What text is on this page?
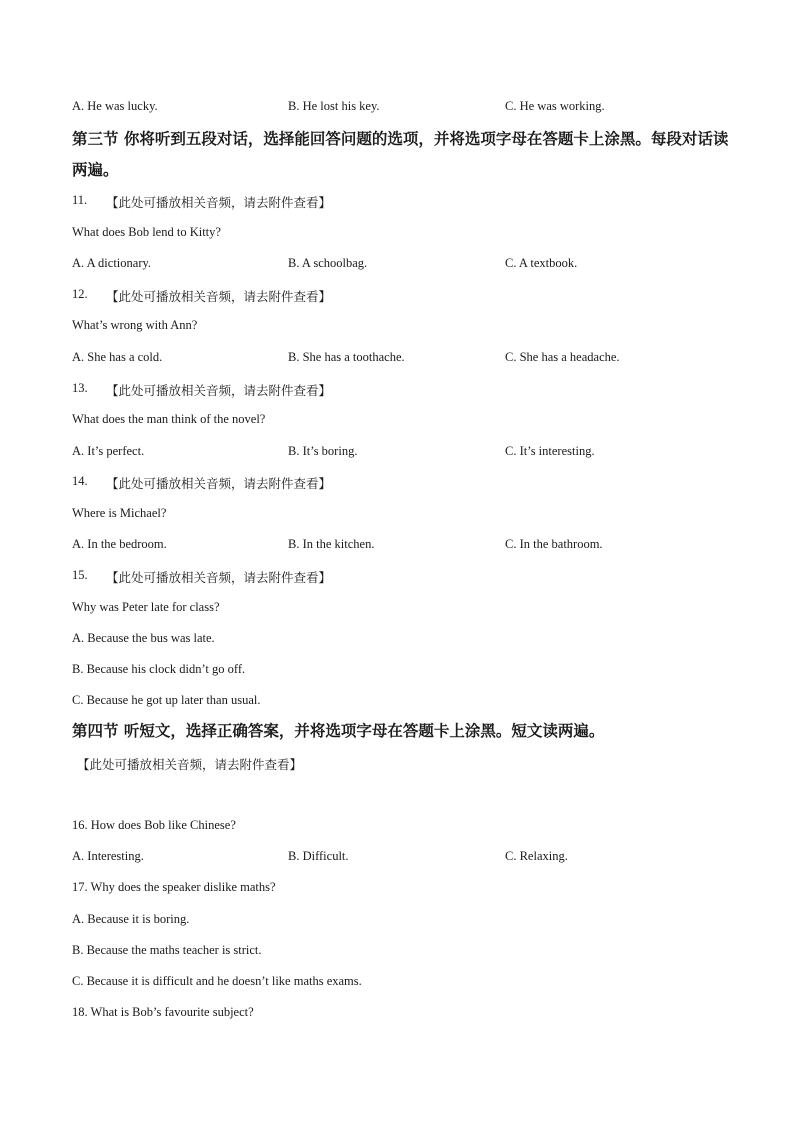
A. He was lucky.	B. He lost his key.	C. He was working.
第三节 你将听到五段对话，选择能回答问题的选项，并将选项字母在答题卡上涂黑。每段对话读两遍。
11. 【此处可播放相关音频，请去附件查看】
What does Bob lend to Kitty?
A. A dictionary.	B. A schoolbag.	C. A textbook.
12. 【此处可播放相关音频，请去附件查看】
What’s wrong with Ann?
A. She has a cold.	B. She has a toothache.	C. She has a headache.
13. 【此处可播放相关音频，请去附件查看】
What does the man think of the novel?
A. It’s perfect.	B. It’s boring.	C. It’s interesting.
14. 【此处可播放相关音频，请去附件查看】
Where is Michael?
A. In the bedroom.	B. In the kitchen.	C. In the bathroom.
15. 【此处可播放相关音频，请去附件查看】
Why was Peter late for class?
A. Because the bus was late.
B. Because his clock didn’t go off.
C. Because he got up later than usual.
第四节 听短文，选择正确答案，并将选项字母在答题卡上涂黑。短文读两遍。
【此处可播放相关音频，请去附件查看】
16. How does Bob like Chinese?
A. Interesting.	B. Difficult.	C. Relaxing.
17. Why does the speaker dislike maths?
A. Because it is boring.
B. Because the maths teacher is strict.
C. Because it is difficult and he doesn’t like maths exams.
18. What is Bob’s favourite subject?
